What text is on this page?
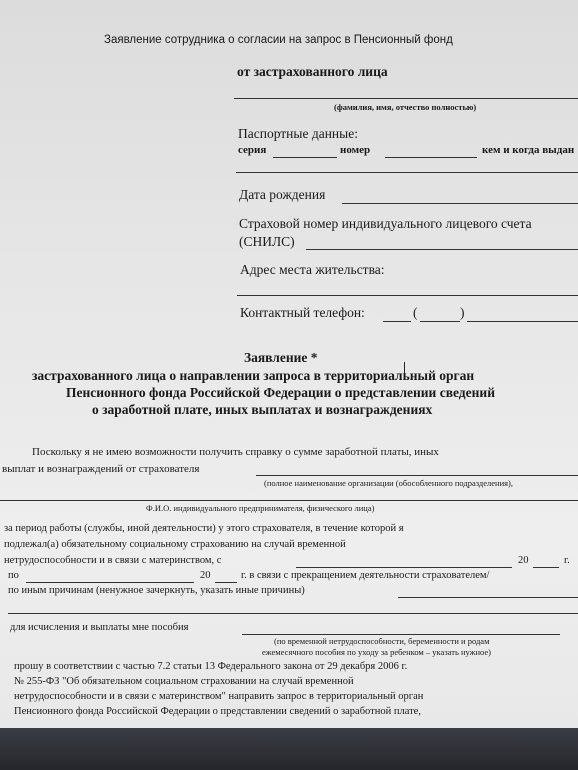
Заявление сотрудника о согласии на запрос в Пенсионный фонд
от застрахованного лица
(фамилия, имя, отчество полностью)
Паспортные данные:
серия	номер	кем и когда выдан
Дата рождения
Страховой номер индивидуального лицевого счета
(СНИЛС)
Адрес места жительства:
Контактный телефон:	(	)
Заявление *
застрахованного лица о направлении запроса в территориальный орган
Пенсионного фонда Российской Федерации о представлении сведений
о заработной плате, иных выплатах и вознаграждениях
Поскольку я не имею возможности получить справку о сумме заработной платы, иных
выплат и вознаграждений от страхователя
(полное наименование организации (обособленного подразделения),
Ф.И.О. индивидуального предпринимателя, физического лица)
за период работы (службы, иной деятельности) у этого страхователя, в течение которой я
подлежал(а) обязательному социальному страхованию на случай временной
нетрудоспособности и в связи с материнством, с	20	г.
по	20	г. в связи с прекращением деятельности страхователем/
по иным причинам (ненужное зачеркнуть, указать иные причины)
для исчисления и выплаты мне пособия
(по временной нетрудоспособности, беременности и родам
ежемесячного пособия по уходу за ребенком – указать нужное)
прошу в соответствии с частью 7.2 статьи 13 Федерального закона от 29 декабря 2006 г.
№ 255-ФЗ "Об обязательном социальном страховании на случай временной
нетрудоспособности и в связи с материнством" направить запрос в территориальный орган
Пенсионного фонда Российской Федерации о представлении сведений о заработной плате,
